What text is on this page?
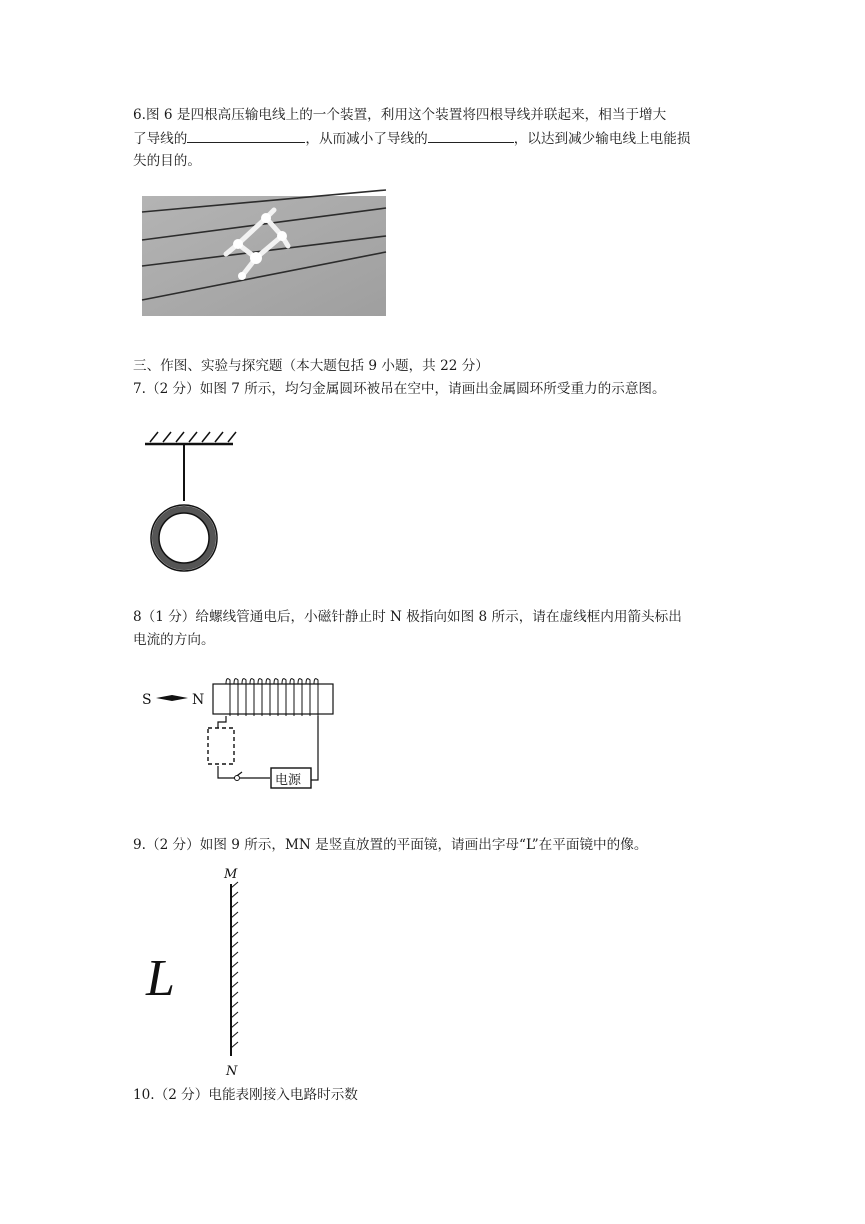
6.图 6 是四根高压输电线上的一个装置，利用这个装置将四根导线并联起来，相当于增大
了导线的	，从而减小了导线的	，以达到减少输电线上电能损
失的目的。
三、作图、实验与探究题（本大题包括 9 小题，共 22 分）
7.（2 分）如图 7 所示，均匀金属圆环被吊在空中，请画出金属圆环所受重力的示意图。
8（1 分）给螺线管通电后，小磁针静止时 N 极指向如图 8 所示，请在虚线框内用箭头标出
电流的方向。
S	N
电源
9.（2 分）如图 9 所示，MN 是竖直放置的平面镜，请画出字母“L”在平面镜中的像。
M
N
L
10.（2 分）电能表刚接入电路时示数
